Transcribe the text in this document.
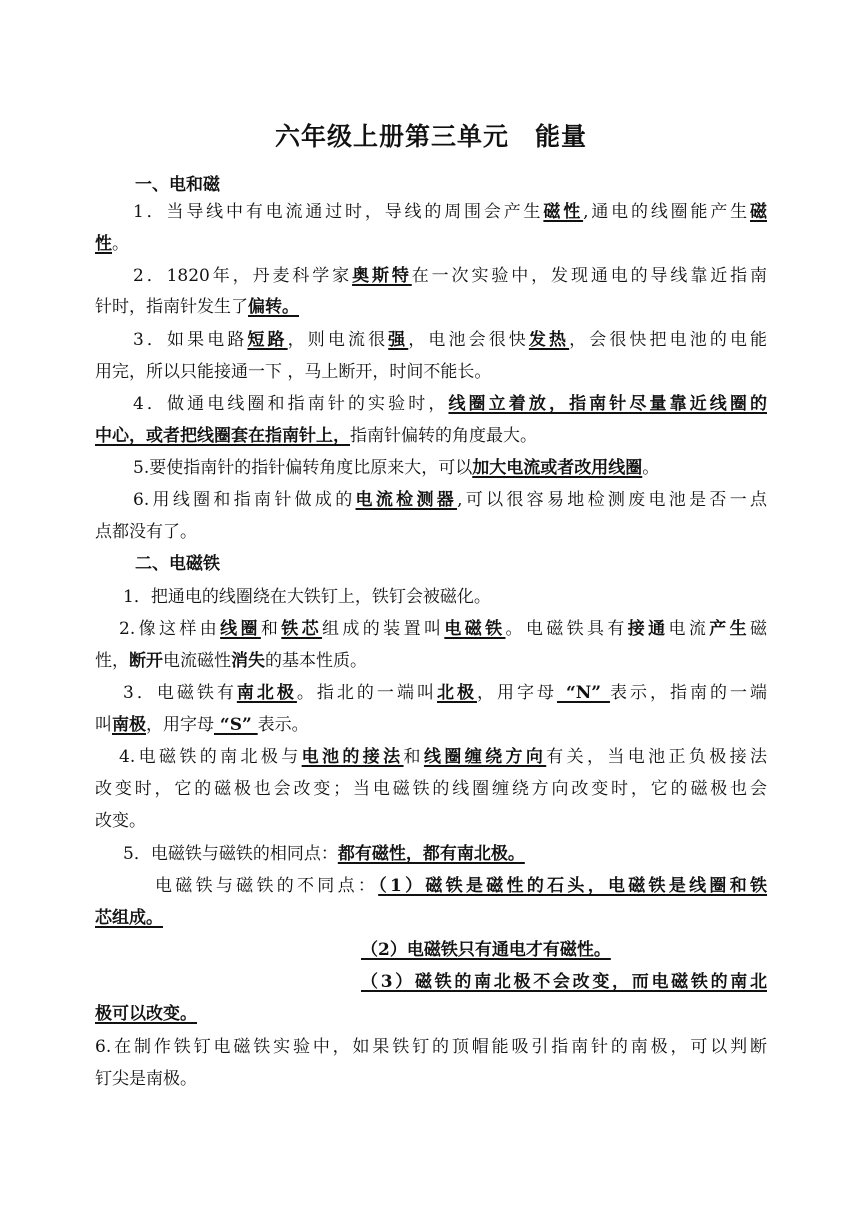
六年级上册第三单元　能量
一、电和磁
1．当导线中有电流通过时，导线的周围会产生磁性,通电的线圈能产生磁
性。
2．1820年，丹麦科学家奥斯特在一次实验中，发现通电的导线靠近指南
针时，指南针发生了偏转。
3．如果电路短路，则电流很强，电池会很快发热，会很快把电池的电能
用完，所以只能接通一下 ，马上断开，时间不能长。
4．做通电线圈和指南针的实验时，线圈立着放，指南针尽量靠近线圈的
中心，或者把线圈套在指南针上，指南针偏转的角度最大。
5.要使指南针的指针偏转角度比原来大，可以加大电流或者改用线圈。
6.用线圈和指南针做成的电流检测器,可以很容易地检测废电池是否一点
点都没有了。
二、电磁铁
1．把通电的线圈绕在大铁钉上，铁钉会被磁化。
2.像这样由线圈和铁芯组成的装置叫电磁铁。电磁铁具有接通电流产生磁
性，断开电流磁性消失的基本性质。
3．电磁铁有南北极。指北的一端叫北极，用字母 “N” 表示，指南的一端
叫南极，用字母 “S” 表示。
4.电磁铁的南北极与电池的接法和线圈缠绕方向有关，当电池正负极接法
改变时，它的磁极也会改变；当电磁铁的线圈缠绕方向改变时，它的磁极也会
改变。
5．电磁铁与磁铁的相同点：都有磁性，都有南北极。
电磁铁与磁铁的不同点：（1）磁铁是磁性的石头，电磁铁是线圈和铁
芯组成。
（2）电磁铁只有通电才有磁性。
（3）磁铁的南北极不会改变，而电磁铁的南北
极可以改变。
6.在制作铁钉电磁铁实验中，如果铁钉的顶帽能吸引指南针的南极，可以判断
钉尖是南极。
